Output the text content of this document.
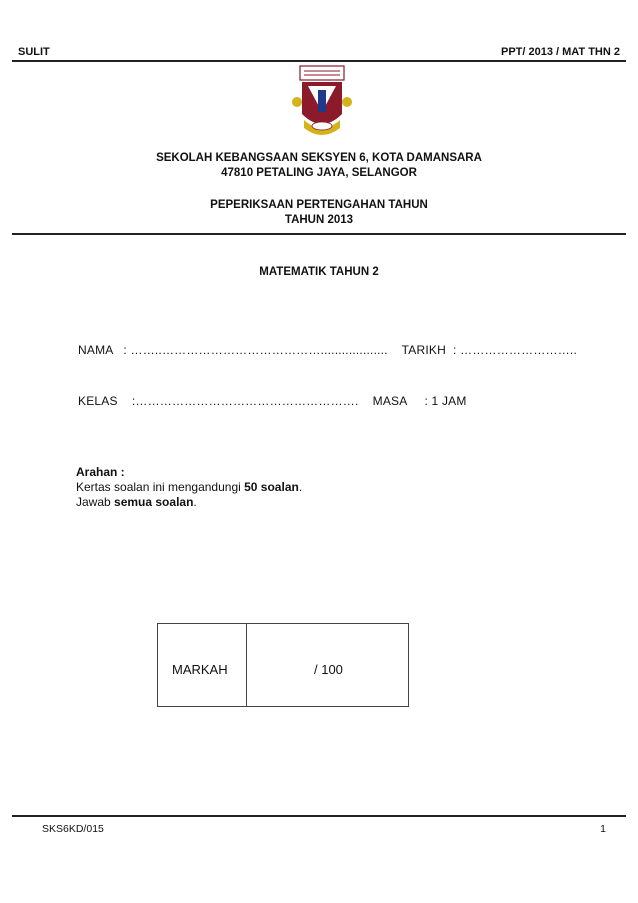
SULIT	PPT/ 2013 / MAT THN 2
SEKOLAH KEBANGSAAN SEKSYEN 6, KOTA DAMANSARA
47810 PETALING JAYA, SELANGOR
PEPERIKSAAN PERTENGAHAN TAHUN
TAHUN 2013
MATEMATIK TAHUN 2
NAMA : ……..…………………………………................... TARIKH : ………………………..
KELAS :………………………………………………. MASA : 1 JAM
Arahan :
Kertas soalan ini mengandungi 50 soalan.
Jawab semua soalan.
MARKAH	/ 100
SKS6KD/015	1
